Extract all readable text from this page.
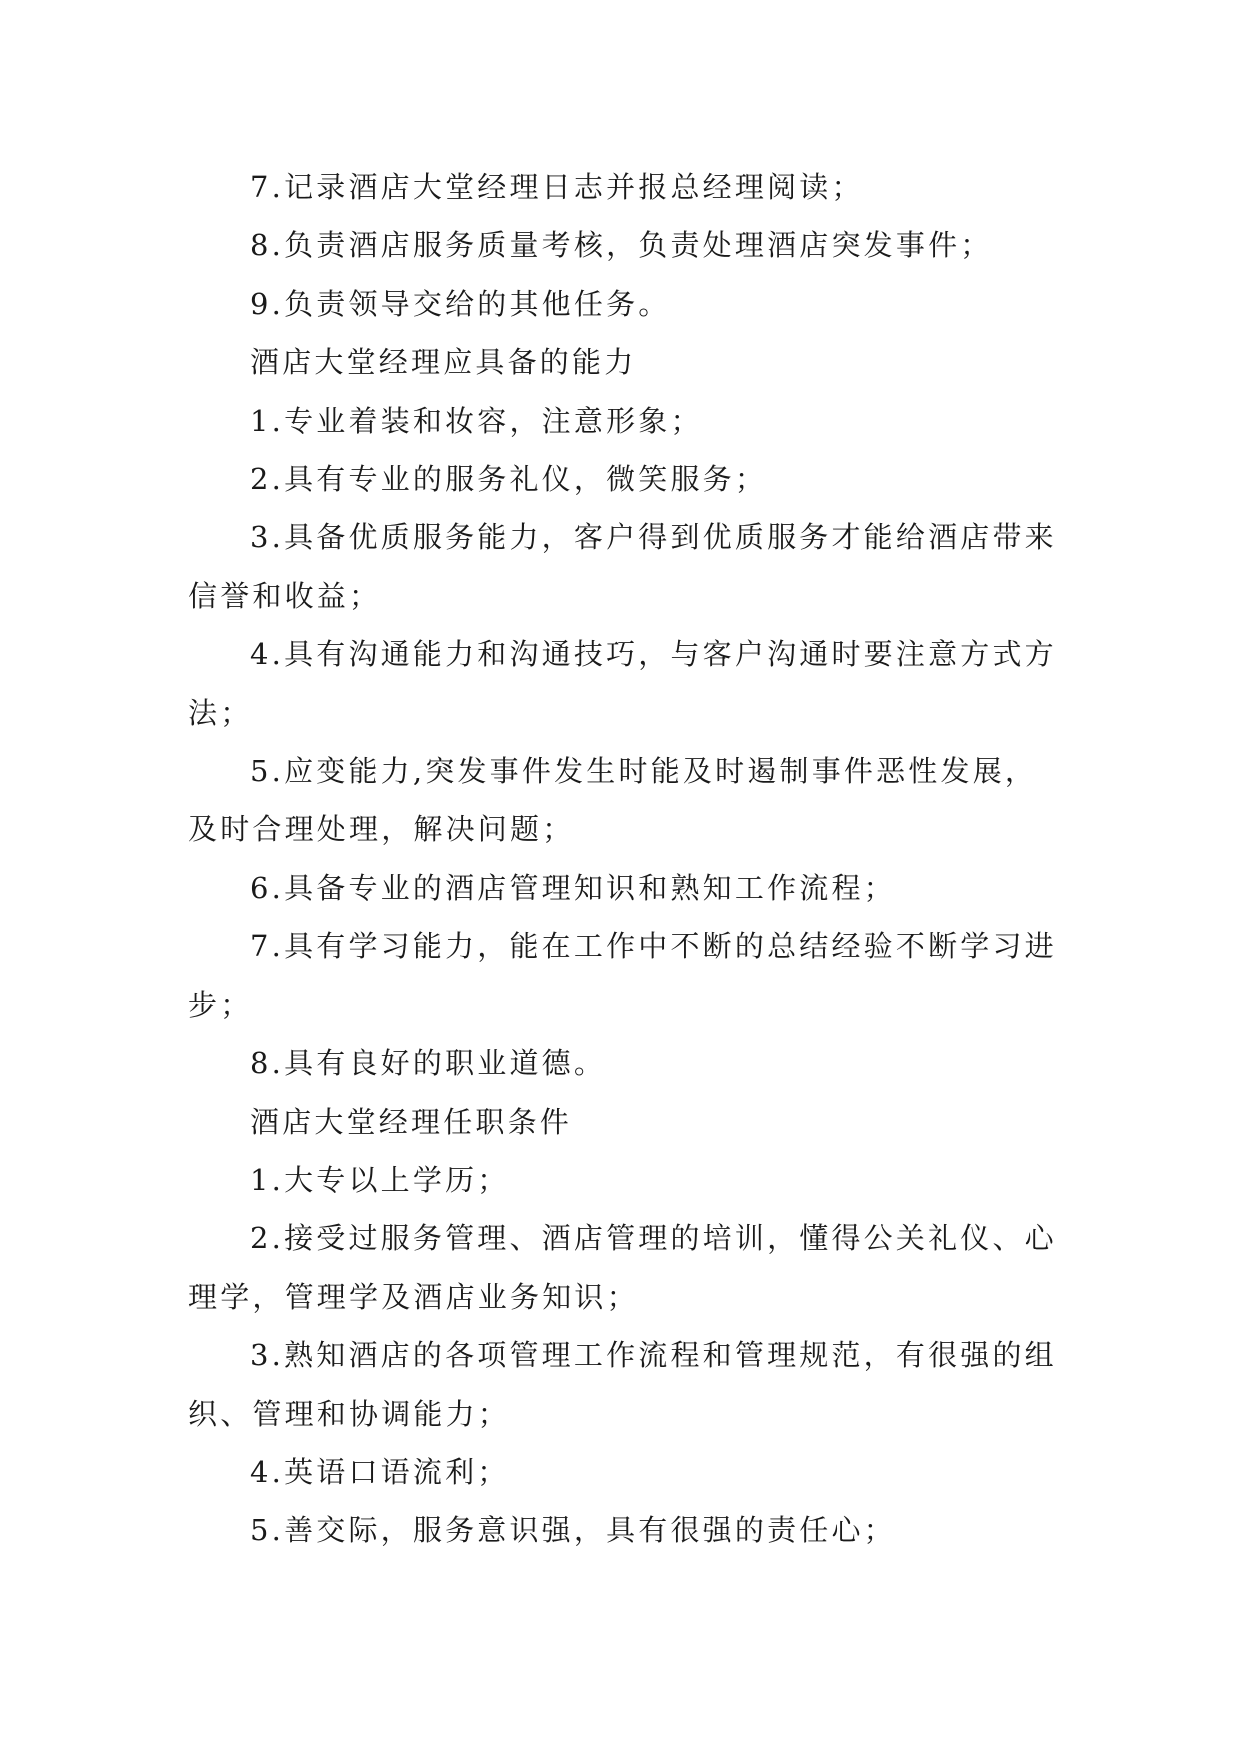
7.记录酒店大堂经理日志并报总经理阅读；

8.负责酒店服务质量考核，负责处理酒店突发事件；

9.负责领导交给的其他任务。

酒店大堂经理应具备的能力

1.专业着装和妆容，注意形象；

2.具有专业的服务礼仪，微笑服务；

3.具备优质服务能力，客户得到优质服务才能给酒店带来信誉和收益；

4.具有沟通能力和沟通技巧，与客户沟通时要注意方式方法；

5.应变能力,突发事件发生时能及时遏制事件恶性发展，及时合理处理，解决问题；

6.具备专业的酒店管理知识和熟知工作流程；

7.具有学习能力，能在工作中不断的总结经验不断学习进步；

8.具有良好的职业道德。

酒店大堂经理任职条件

1.大专以上学历；

2.接受过服务管理、酒店管理的培训，懂得公关礼仪、心理学，管理学及酒店业务知识；

3.熟知酒店的各项管理工作流程和管理规范，有很强的组织、管理和协调能力；

4.英语口语流利；

5.善交际，服务意识强，具有很强的责任心；
